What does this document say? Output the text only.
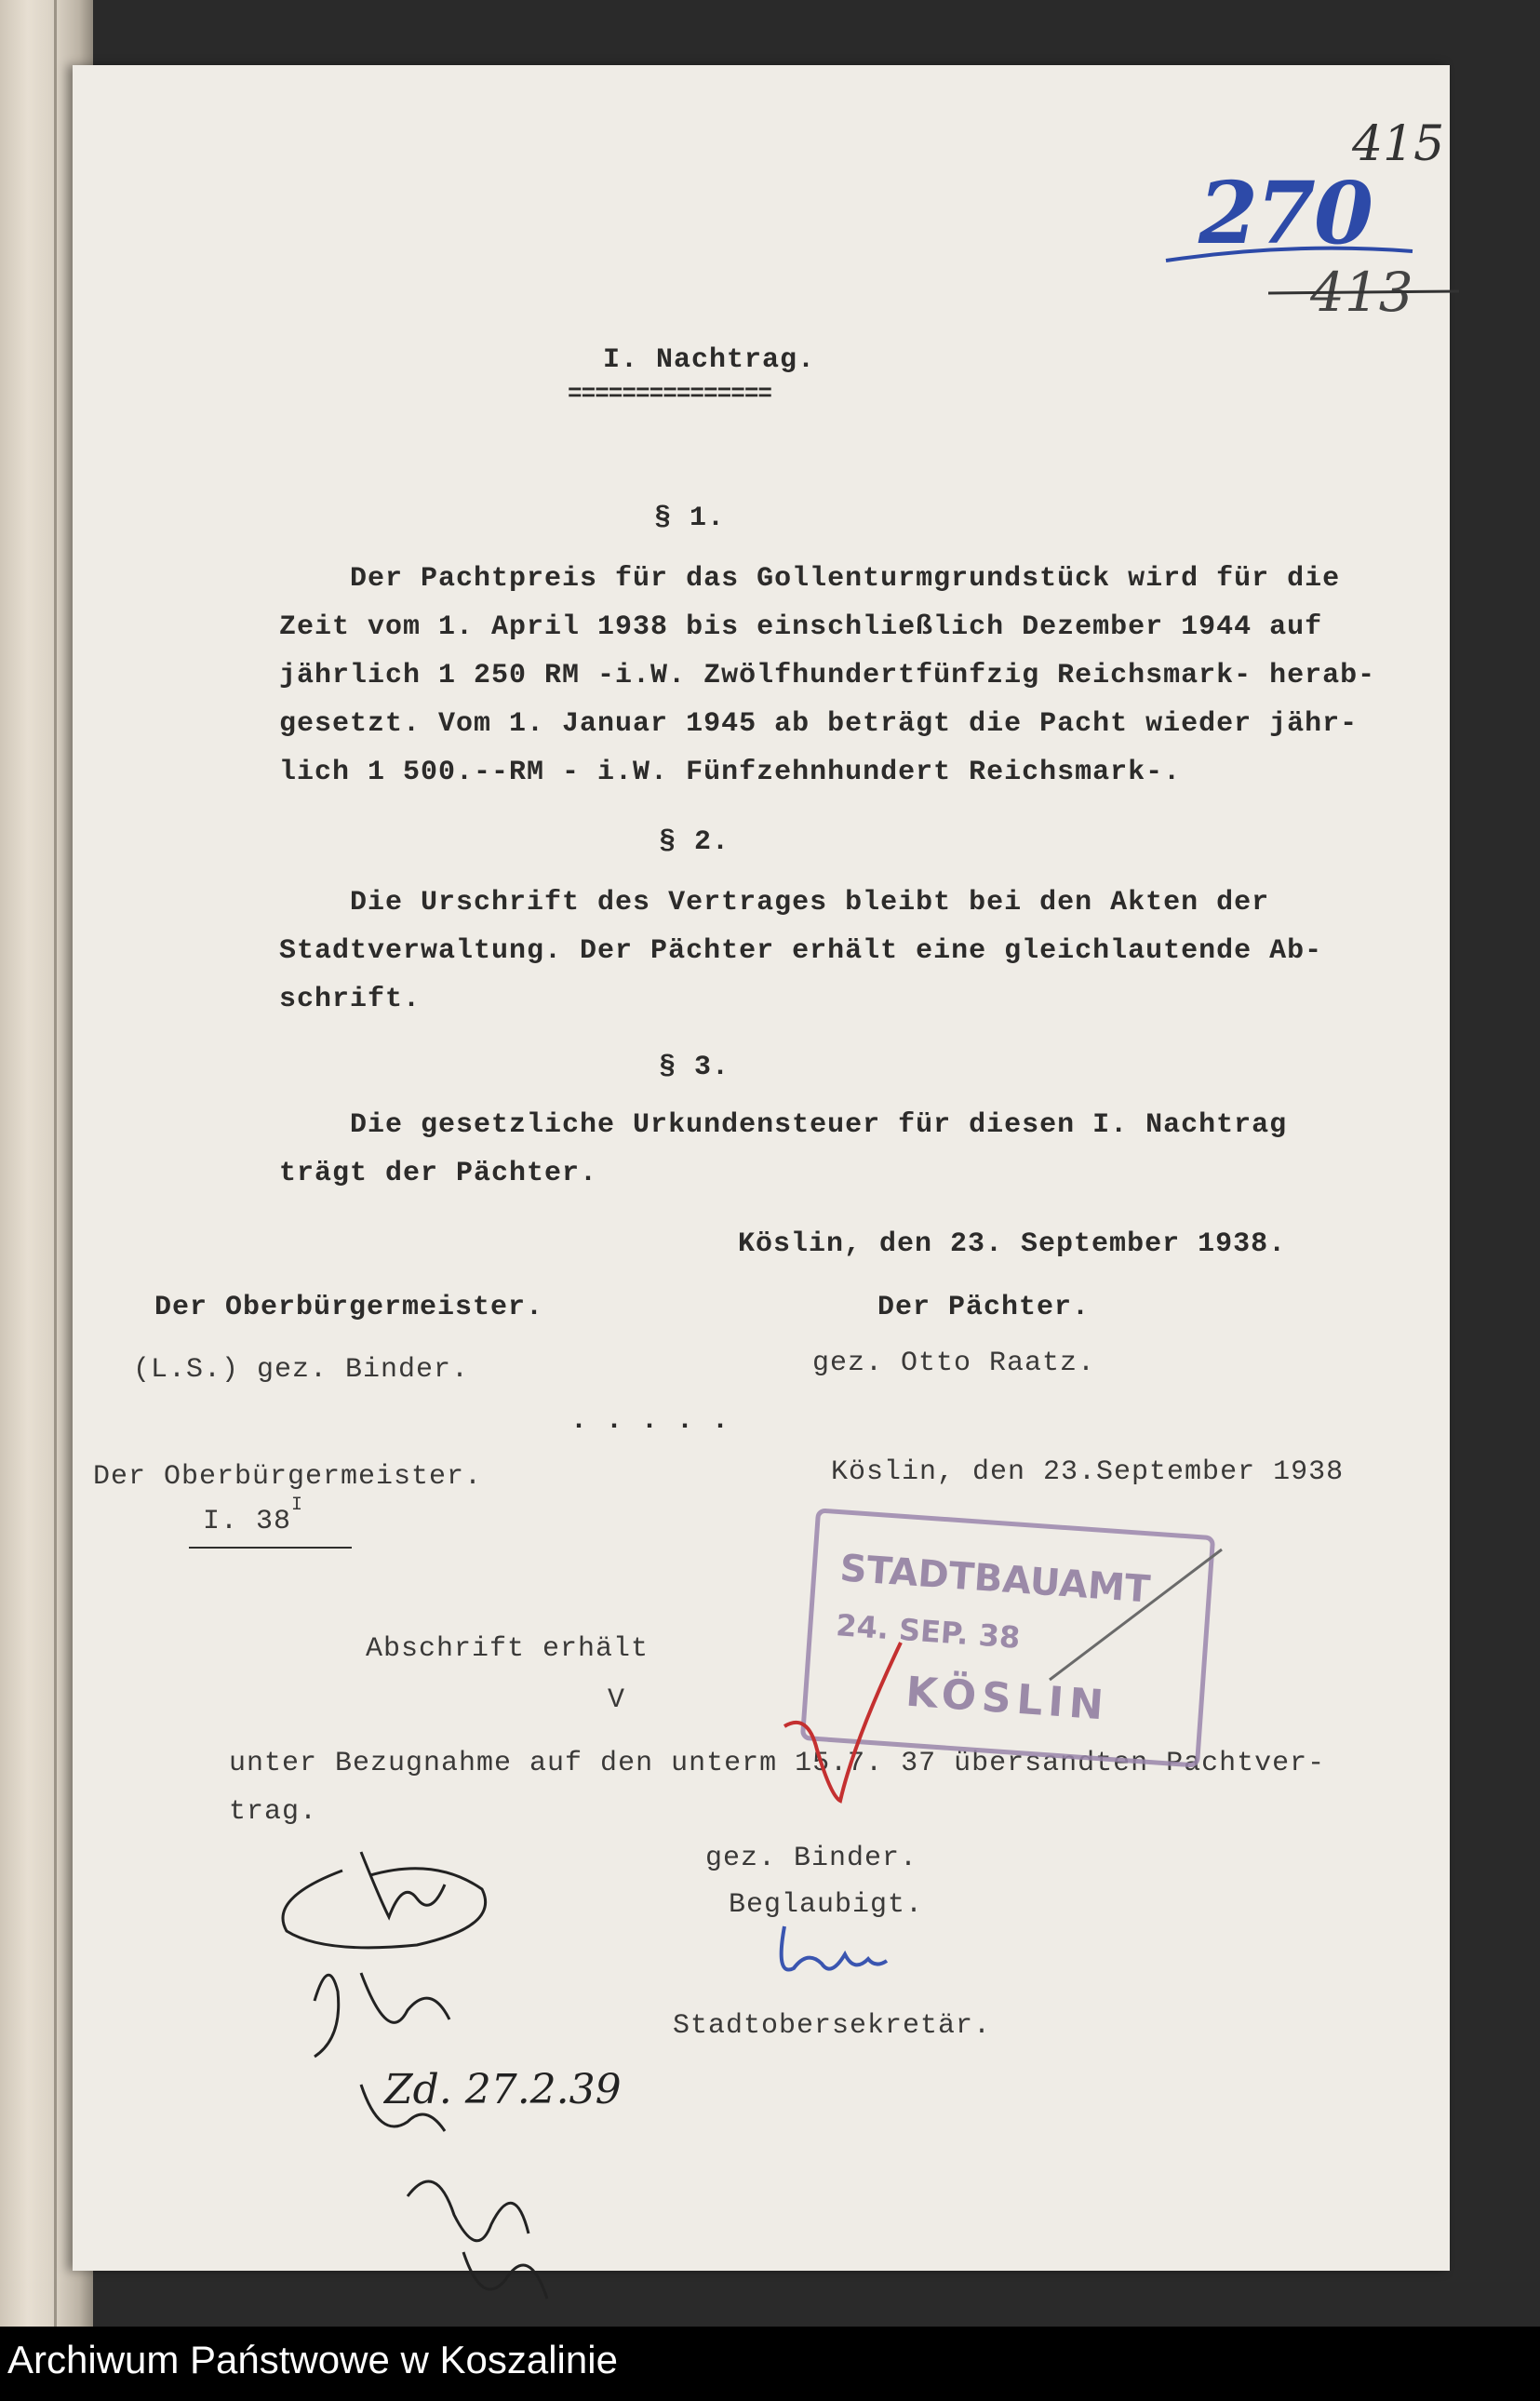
415
270
413
I. Nachtrag.
===============
§ 1.
Der Pachtpreis für das Gollenturmgrundstück wird für die
Zeit vom 1. April 1938 bis einschließlich Dezember 1944 auf
jährlich 1 250 RM -i.W. Zwölfhundertfünfzig Reichsmark- herab-
gesetzt. Vom 1. Januar 1945 ab beträgt die Pacht wieder jähr-
lich 1 500.--RM - i.W. Fünfzehnhundert Reichsmark-.
§ 2.
Die Urschrift des Vertrages bleibt bei den Akten der
Stadtverwaltung. Der Pächter erhält eine gleichlautende Ab-
schrift.
§ 3.
Die gesetzliche Urkundensteuer für diesen I. Nachtrag
trägt der Pächter.
Köslin, den 23. September 1938.
Der Oberbürgermeister.	Der Pächter.
(L.S.) gez. Binder.	gez. Otto Raatz.
. . . . .
Der Oberbürgermeister.	Köslin, den 23.September 1938
I. $38^I$
Abschrift erhält
V
unter Bezugnahme auf den unterm 15.7. 37 übersandten Pachtver-
trag.
gez. Binder.
Beglaubigt.
Stadtobersekretär.
STADTBAUAMT
24. SEP. 38
KÖSLIN
Zd. 27.2.39
Archiwum Państwowe w Koszalinie
